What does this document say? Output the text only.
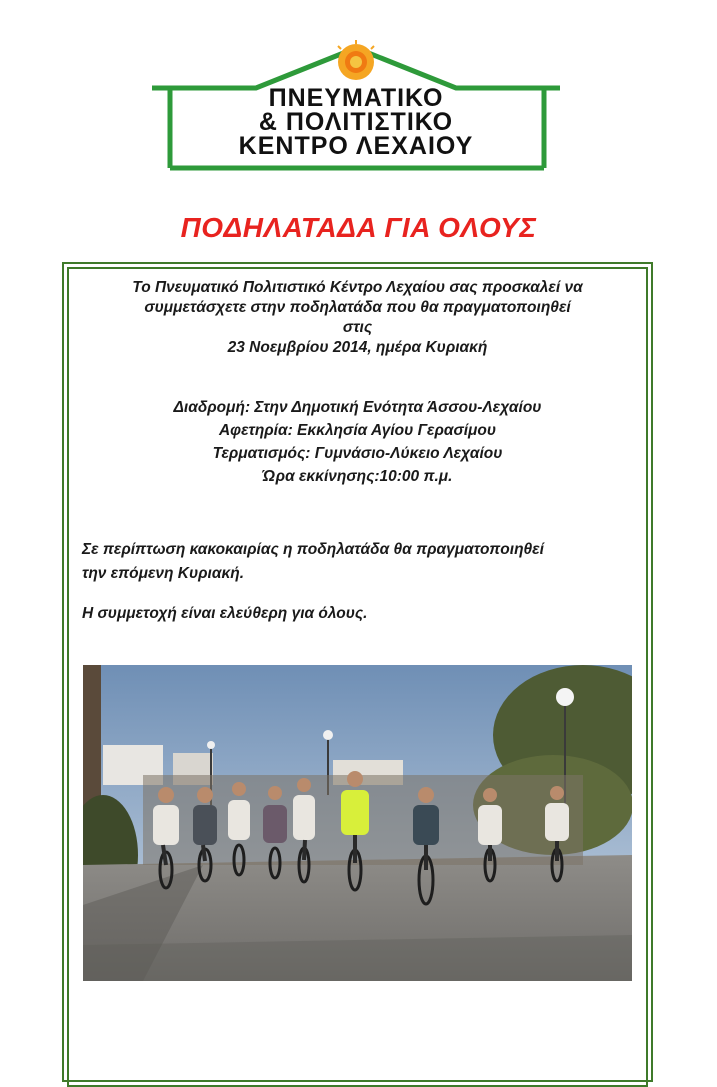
ΠΝΕΥΜΑΤΙΚΟ
& ΠΟΛΙΤΙΣΤΙΚΟ
ΚΕΝΤΡΟ ΛΕΧΑΙΟΥ
ΠΟΔΗΛΑΤΑΔΑ ΓΙΑ ΟΛΟΥΣ
Το Πνευματικό Πολιτιστικό Κέντρο Λεχαίου σας προσκαλεί να
συμμετάσχετε στην ποδηλατάδα που θα πραγματοποιηθεί
στις
23 Νοεμβρίου 2014, ημέρα Κυριακή
Διαδρομή: Στην Δημοτική Ενότητα Άσσου-Λεχαίου
Αφετηρία: Εκκλησία Αγίου Γερασίμου
Τερματισμός: Γυμνάσιο-Λύκειο Λεχαίου
Ώρα εκκίνησης:10:00 π.μ.
Σε περίπτωση κακοκαιρίας η ποδηλατάδα θα πραγματοποιηθεί
την επόμενη Κυριακή.
Η συμμετοχή είναι ελεύθερη για όλους.
